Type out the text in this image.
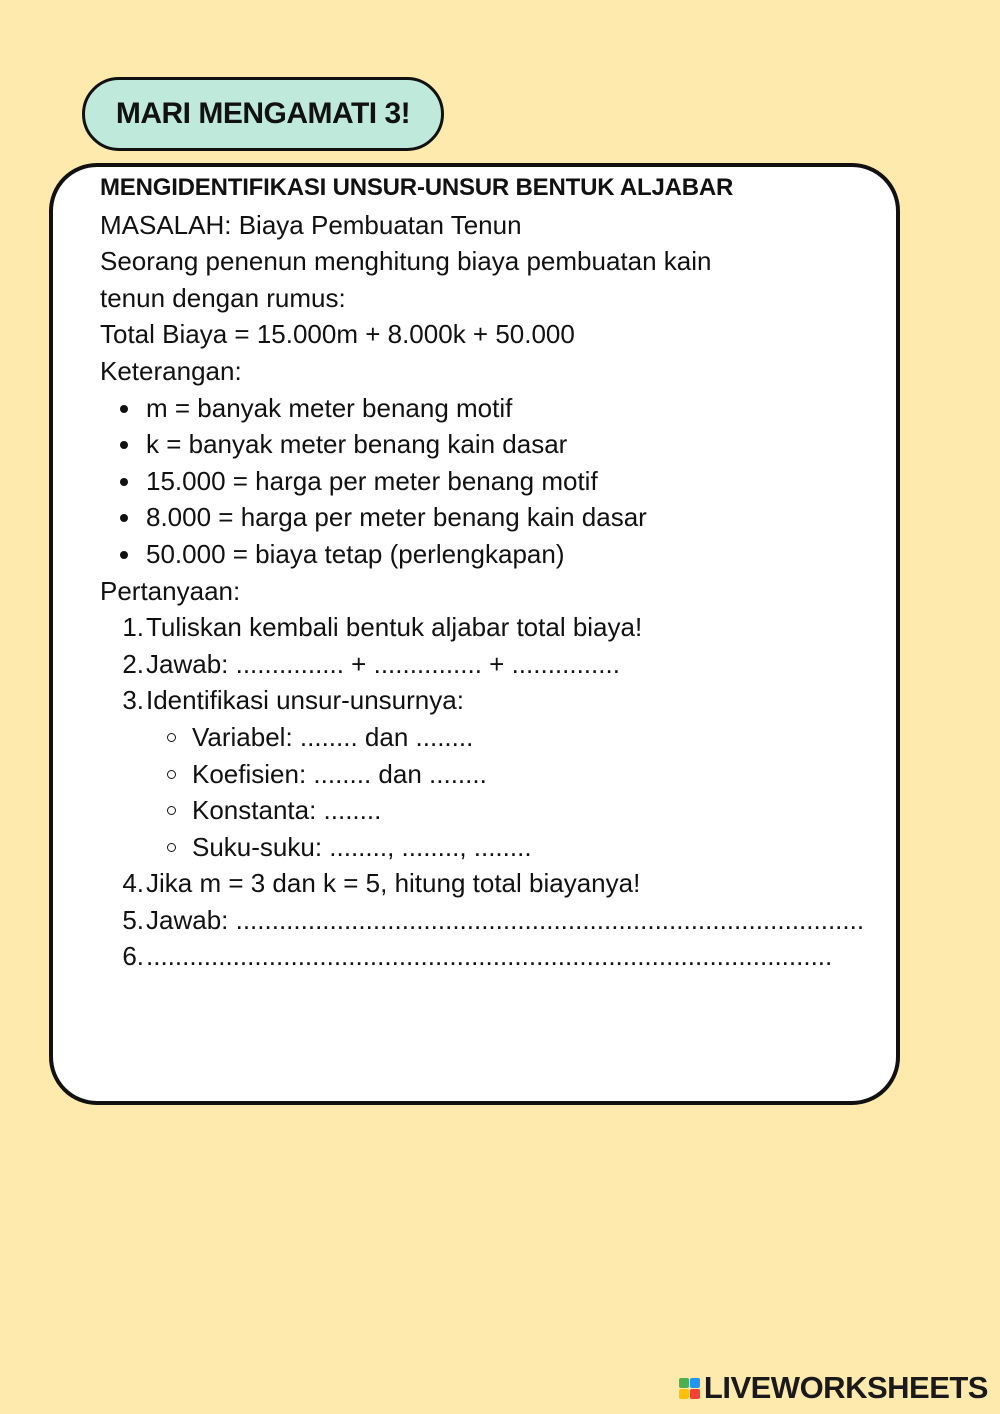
MARI MENGAMATI 3!
MENGIDENTIFIKASI UNSUR-UNSUR BENTUK ALJABAR
MASALAH: Biaya Pembuatan Tenun
Seorang penenun menghitung biaya pembuatan kain
tenun dengan rumus:
Total Biaya = 15.000m + 8.000k + 50.000
Keterangan:
m = banyak meter benang motif
k = banyak meter benang kain dasar
15.000 = harga per meter benang motif
8.000 = harga per meter benang kain dasar
50.000 = biaya tetap (perlengkapan)
Pertanyaan:
1. Tuliskan kembali bentuk aljabar total biaya!
2. Jawab: ............... + ............... + ...............
3. Identifikasi unsur-unsurnya:
Variabel: ........ dan ........
Koefisien: ........ dan ........
Konstanta: ........
Suku-suku: ........, ........, ........
4. Jika m = 3 dan k = 5, hitung total biayanya!
5. Jawab: .......................................................................................
6. ...............................................................................................
LIVEWORKSHEETS
